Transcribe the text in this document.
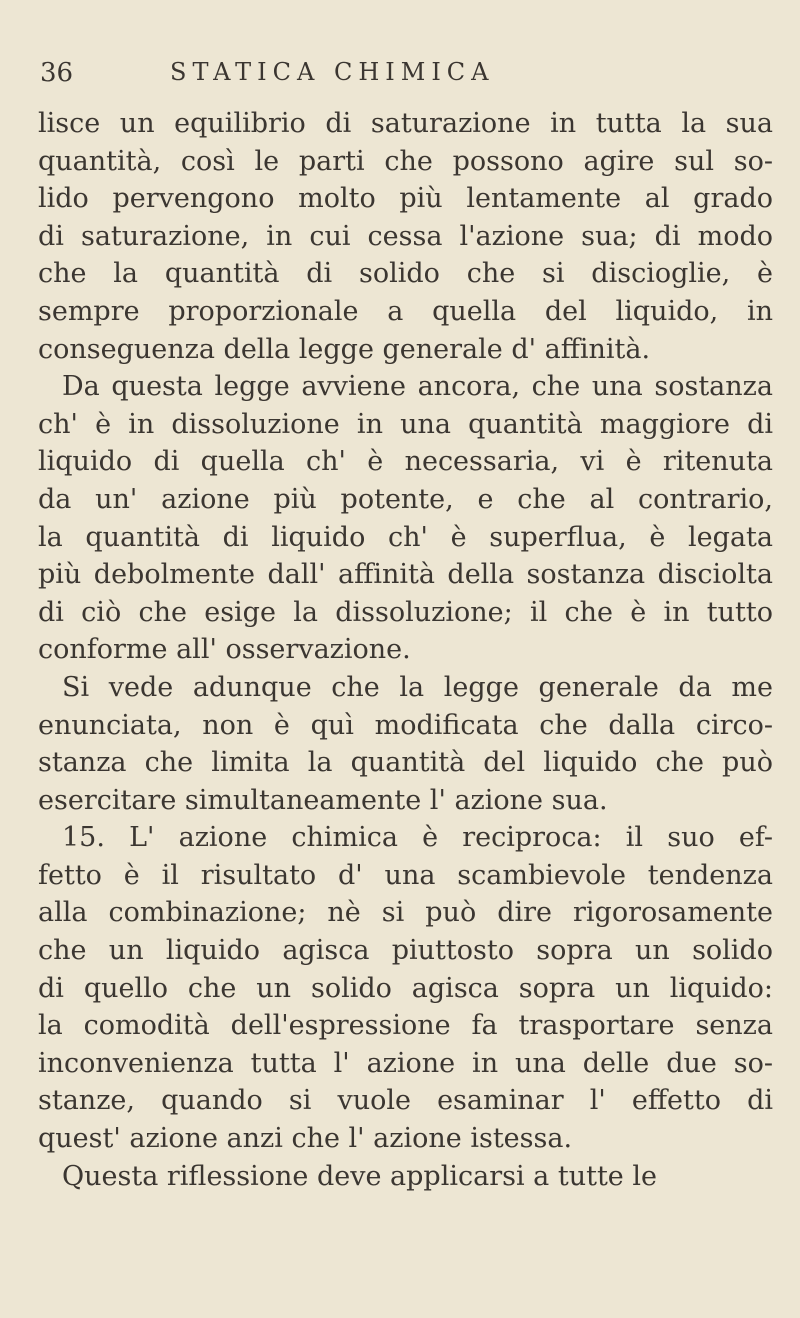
36	STATICA CHIMICA
lisce un equilibrio di saturazione in tutta la sua
quantità, così le parti che possono agire sul so-
lido pervengono molto più lentamente al grado
di saturazione, in cui cessa l'azione sua; di modo
che la quantità di solido che si discioglie, è
sempre proporzionale a quella del liquido, in
conseguenza della legge generale d' affinità.
Da questa legge avviene ancora, che una sostanza
ch' è in dissoluzione in una quantità maggiore di
liquido di quella ch' è necessaria, vi è ritenuta
da un' azione più potente, e che al contrario,
la quantità di liquido ch' è superflua, è legata
più debolmente dall' affinità della sostanza disciolta
di ciò che esige la dissoluzione; il che è in tutto
conforme all' osservazione.
Si vede adunque che la legge generale da me
enunciata, non è quì modificata che dalla circo-
stanza che limita la quantità del liquido che può
esercitare simultaneamente l' azione sua.
15. L' azione chimica è reciproca: il suo ef-
fetto è il risultato d' una scambievole tendenza
alla combinazione; nè si può dire rigorosamente
che un liquido agisca piuttosto sopra un solido
di quello che un solido agisca sopra un liquido:
la comodità dell'espressione fa trasportare senza
inconvenienza tutta l' azione in una delle due so-
stanze, quando si vuole esaminar l' effetto di
quest' azione anzi che l' azione istessa.
Questa riflessione deve applicarsi a tutte le
